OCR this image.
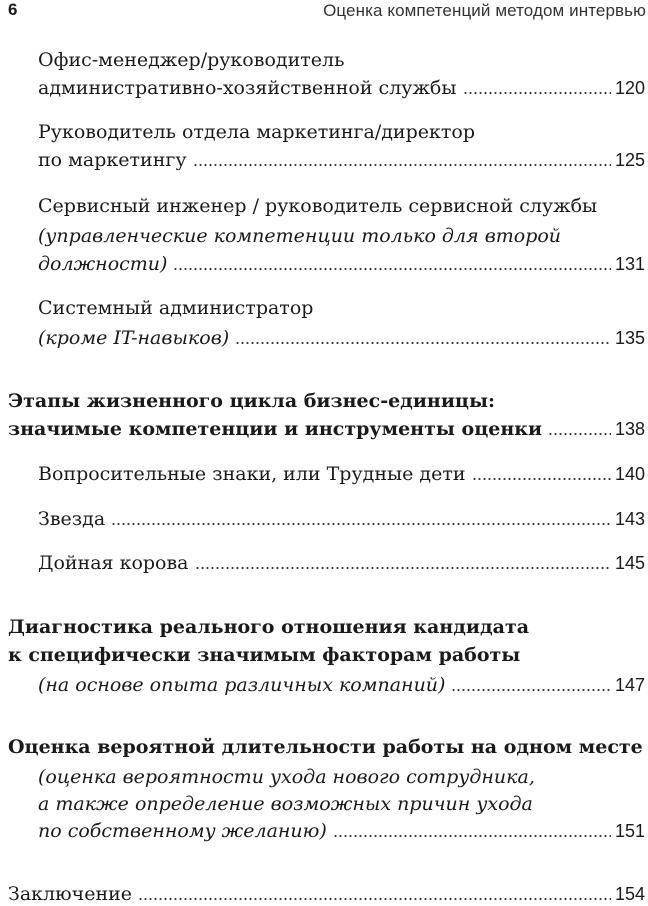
6	Оценка компетенций методом интервью
Офис-менеджер/руководитель
административно-хозяйственной службы	120
Руководитель отдела маркетинга/директор
по маркетингу	125
Сервисный инженер / руководитель сервисной службы
(управленческие компетенции только для второй
должности)	131
Системный администратор
(кроме IT-навыков)	135
Этапы жизненного цикла бизнес-единицы:
значимые компетенции и инструменты оценки	138
Вопросительные знаки, или Трудные дети	140
Звезда	143
Дойная корова	145
Диагностика реального отношения кандидата
к специфически значимым факторам работы
(на основе опыта различных компаний)	147
Оценка вероятной длительности работы на одном месте
(оценка вероятности ухода нового сотрудника,
а также определение возможных причин ухода
по собственному желанию)	151
Заключение	154
